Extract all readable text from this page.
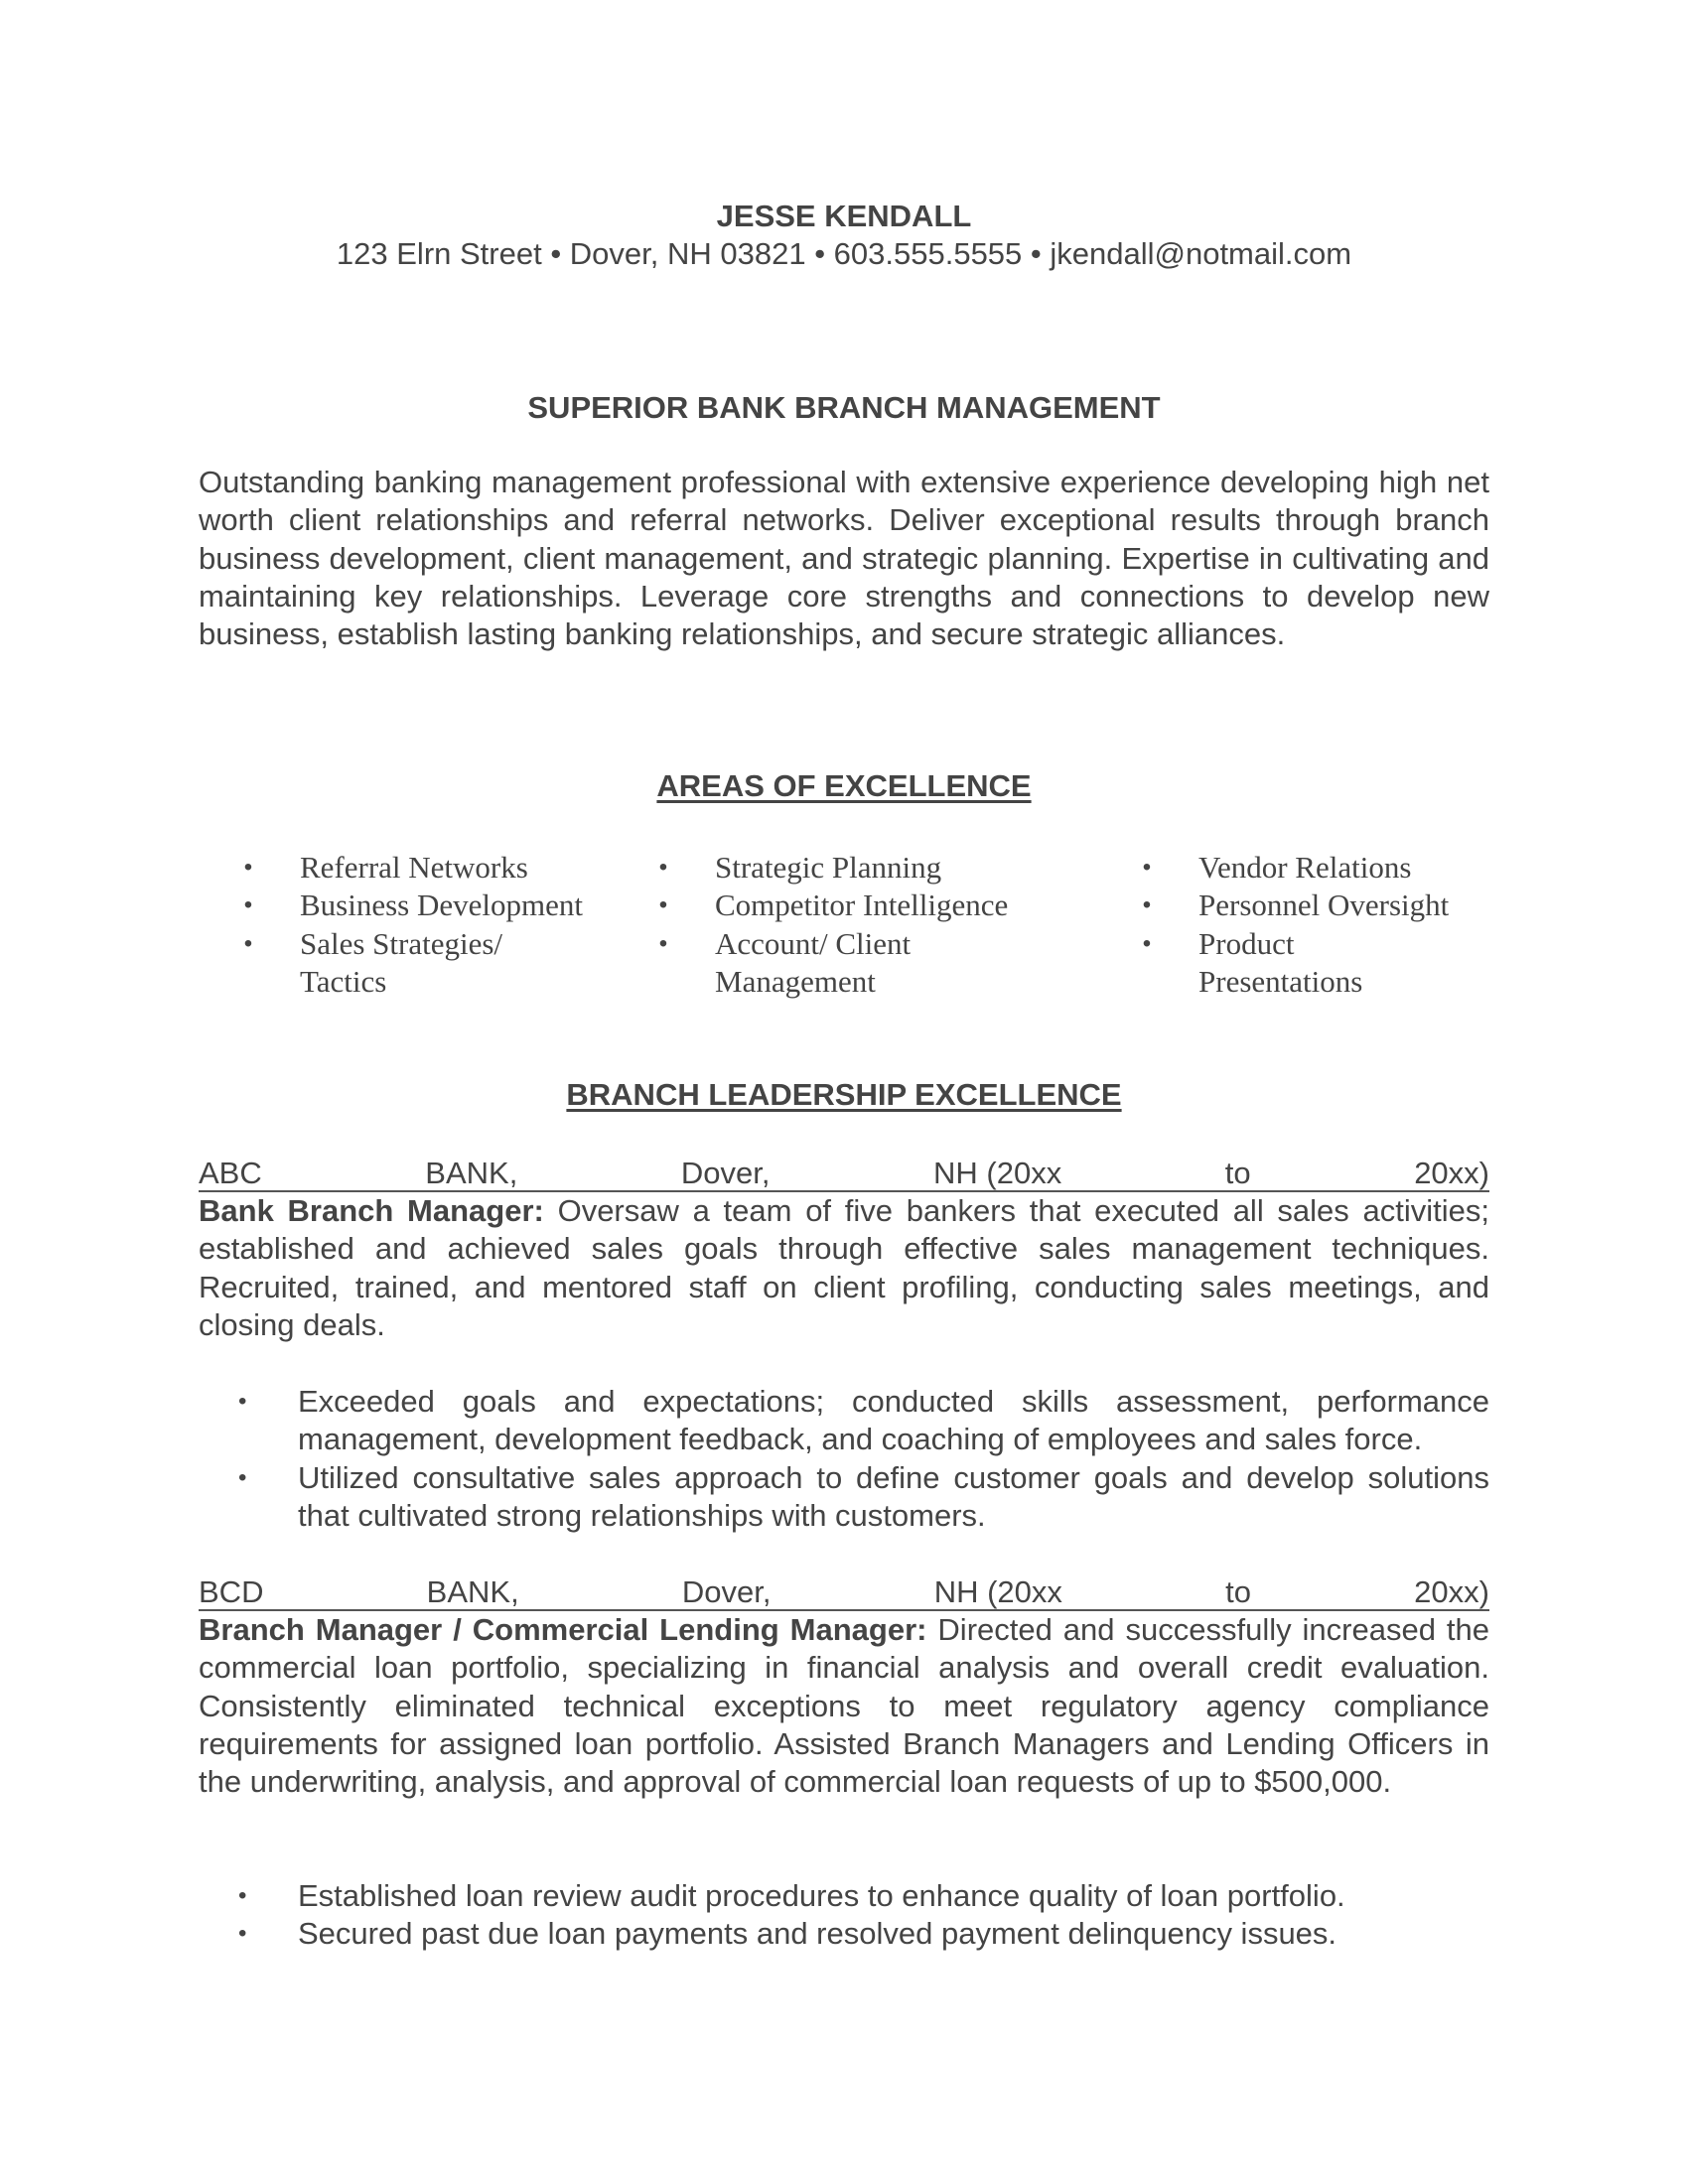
JESSE KENDALL
123 Elrn Street • Dover, NH 03821 • 603.555.5555 • jkendall@notmail.com
SUPERIOR BANK BRANCH MANAGEMENT

Outstanding banking management professional with extensive experience developing high net worth client relationships and referral networks. Deliver exceptional results through branch business development, client management, and strategic planning. Expertise in cultivating and maintaining key relationships. Leverage core strengths and connections to develop new business, establish lasting banking relationships, and secure strategic alliances.

AREAS OF EXCELLENCE
• Referral Networks
• Business Development
• Sales Strategies/ Tactics
• Strategic Planning
• Competitor Intelligence
• Account/ Client Management
• Vendor Relations
• Personnel Oversight
• Product Presentations
BRANCH LEADERSHIP EXCELLENCE
ABC	BANK,	Dover,	NH (20xx	to	20xx)

Bank Branch Manager: Oversaw a team of five bankers that executed all sales activities; established and achieved sales goals through effective sales management techniques. Recruited, trained, and mentored staff on client profiling, conducting sales meetings, and closing deals.

•	Exceeded goals and expectations; conducted skills assessment, performance management, development feedback, and coaching of employees and sales force.
•	Utilized consultative sales approach to define customer goals and develop solutions that cultivated strong relationships with customers.
BCD	BANK,	Dover,	NH (20xx	to	20xx)

Branch Manager / Commercial Lending Manager: Directed and successfully increased the commercial loan portfolio, specializing in financial analysis and overall credit evaluation. Consistently eliminated technical exceptions to meet regulatory agency compliance requirements for assigned loan portfolio. Assisted Branch Managers and Lending Officers in the underwriting, analysis, and approval of commercial loan requests of up to $500,000.

•	Established loan review audit procedures to enhance quality of loan portfolio.
•	Secured past due loan payments and resolved payment delinquency issues.
